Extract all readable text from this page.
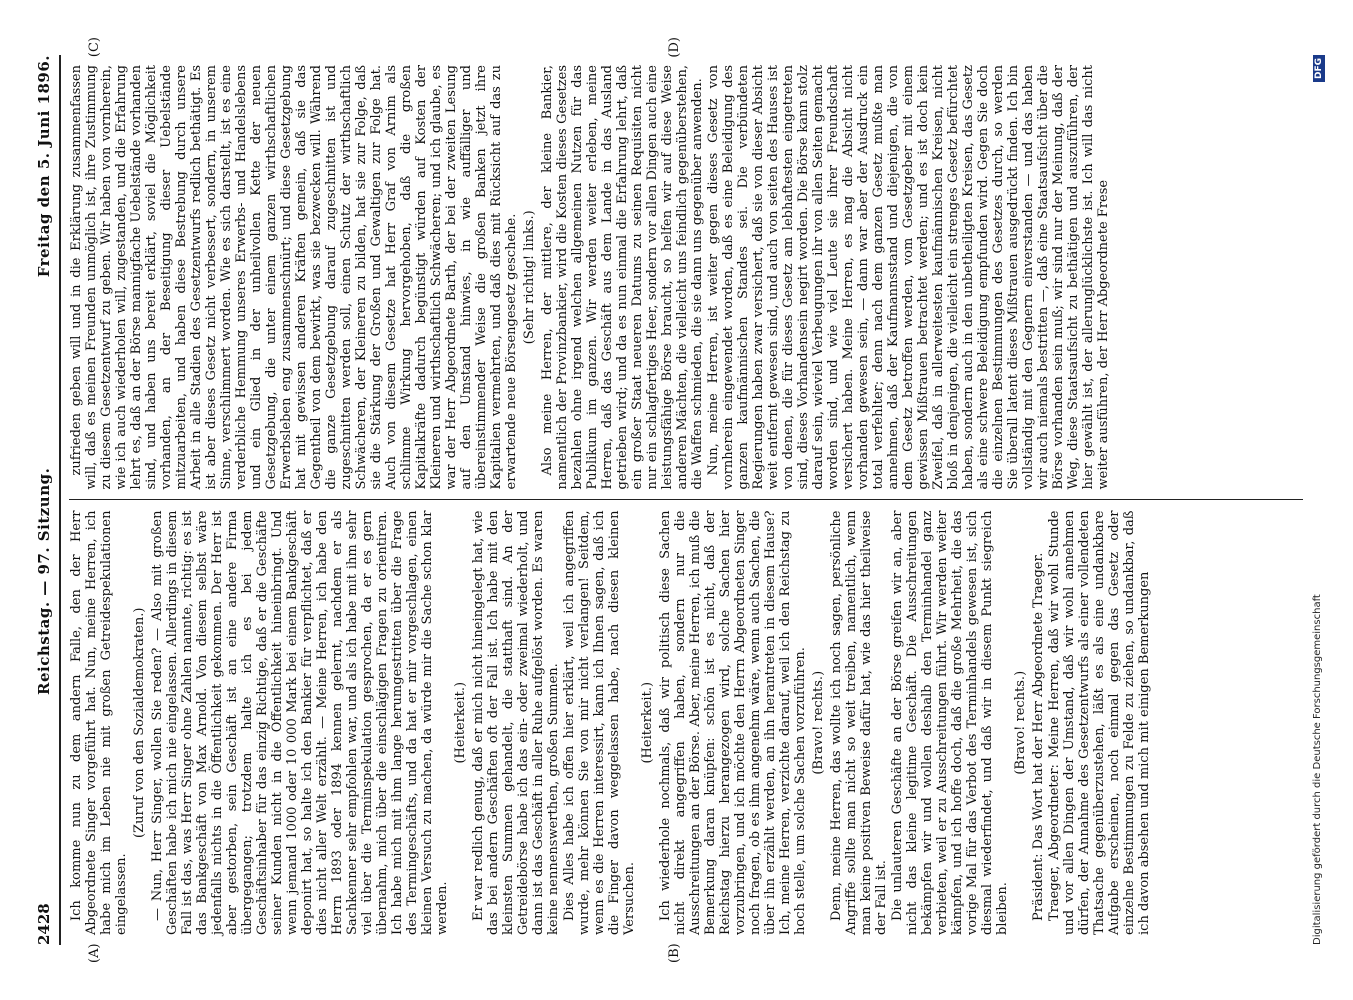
2428
Reichstag. — 97. Sitzung.
Freitag den 5. Juni 1896.
(A)	(B)
(C)	(D)

Ich komme nun zu dem andern Falle, den der Herr Abgeordnete Singer vorgeführt hat. Nun, meine Herren, ich habe mich im Leben nie mit großen Getreidespekulationen eingelassen.

(Zuruf von den Sozialdemokraten.) — Nun, Herr Singer, wollen Sie reden? — Also mit großen Geschäften habe ich mich nie eingelassen. Allerdings in diesem Fall ist das, was Herr Singer ohne Zahlen nannte, richtig: es ist das Bankgeschäft von Max Arnold. Von diesem selbst wäre jedenfalls nichts in die Öffentlichkeit gekommen. Der Herr ist aber gestorben, sein Geschäft ist an eine andere Firma übergegangen; trotzdem halte ich es bei jedem Geschäftsinhaber für das einzig Richtige, daß er die Geschäfte seiner Kunden nicht in die Öffentlichkeit hineinbringt. Und wenn jemand 1000 oder 10 000 Mark bei einem Bankgeschäft deponirt hat, so halte ich den Bankier für verpflichtet, daß er dies nicht aller Welt erzählt. — Meine Herren, ich habe den Herrn 1893 oder 1894 kennen gelernt, nachdem er als Sachkenner sehr empfohlen war, und als ich habe mit ihm sehr viel über die Terminspekulation gesprochen, da er es gern übernahm, mich über die einschlägigen Fragen zu orientiren. Ich habe mich mit ihm lange herumgestritten über die Frage des Termingeschäfts, und da hat er mir vorgeschlagen, einen kleinen Versuch zu machen, da würde mir die Sache schon klar werden.

(Heiterkeit.) Er war redlich genug, daß er mich nicht hineingelegt hat, wie das bei andern Geschäften oft der Fall ist. Ich habe mit den kleinsten Summen gehandelt, die statthaft sind. An der Getreidebörse habe ich das ein- oder zweimal wiederholt, und dann ist das Geschäft in aller Ruhe aufgelöst worden. Es waren keine nennenswerthen, großen Summen. Dies Alles habe ich offen hier erklärt, weil ich angegriffen wurde, mehr können Sie von mir nicht verlangen! Seitdem, wenn es die Herren interessirt, kann ich Ihnen sagen, daß ich die Finger davon weggelassen habe, nach diesen kleinen Versuchen.

(Heiterkeit.) Ich wiederhole nochmals, daß wir politisch diese Sachen nicht direkt angegriffen haben, sondern nur die Ausschreitungen an der Börse. Aber, meine Herren, ich muß die Bemerkung daran knüpfen: schön ist es nicht, daß der Reichstag hierzu herangezogen wird, solche Sachen hier vorzubringen, und ich möchte den Herrn Abgeordneten Singer noch fragen, ob es ihm angenehm wäre, wenn auch Sachen, die über ihn erzählt werden, an ihn herantreten in diesem Hause? Ich, meine Herren, verzichte darauf, weil ich den Reichstag zu hoch stelle, um solche Sachen vorzuführen. (Bravo! rechts.) Denn, meine Herren, das wollte ich noch sagen, persönliche Angriffe sollte man nicht so weit treiben, namentlich, wenn man keine positiven Beweise dafür hat, wie das hier theilweise der Fall ist. Die unlauteren Geschäfte an der Börse greifen wir an, aber nicht das kleine legitime Geschäft. Die Ausschreitungen bekämpfen wir und wollen deshalb den Terminhandel ganz verbieten, weil er zu Ausschreitungen führt. Wir werden weiter kämpfen, und ich hoffe doch, daß die große Mehrheit, die das vorige Mal für das Verbot des Terminhandels gewesen ist, sich diesmal wiederfindet, und daß wir in diesem Punkt siegreich bleiben.

(Bravo! rechts.) Präsident: Das Wort hat der Herr Abgeordnete Traeger. Traeger, Abgeordneter: Meine Herren, daß wir wohl Stunde und vor allen Dingen der Umstand, daß wir wohl annehmen dürfen, der Annahme des Gesetzentwurfs als einer vollendeten Thatsache gegenüberzustehen, läßt es als eine undankbare Aufgabe erscheinen, noch einmal gegen das Gesetz oder einzelne Bestimmungen zu Felde zu ziehen, so undankbar, daß ich davon absehen und mich mit einigen Bemerkungen

zufrieden geben will und in die Erklärung zusammenfassen will, daß es meinen Freunden unmöglich ist, ihre Zustimmung zu diesem Gesetzentwurf zu geben. Wir haben von vornherein, wie ich auch wiederholen will, zugestanden, und die Erfahrung lehrt es, daß an der Börse mannigfache Uebelstände vorhanden sind, und haben uns bereit erklärt, soviel die Möglichkeit vorhanden, an der Beseitigung dieser Uebelstände mitzuarbeiten, und haben diese Bestrebung durch unsere Arbeit in alle Stadien des Gesetzentwurfs redlich bethätigt. Es ist aber dieses Gesetz nicht verbessert, sondern, in unserem Sinne, verschlimmert worden. Wie es sich darstellt, ist es eine verderbliche Hemmung unseres Erwerbs- und Handelslebens und ein Glied in der unheilvollen Kette der neuen Gesetzgebung, die unter einem ganzen wirthschaftlichen Erwerbsleben eng zusammenschnürt; und diese Gesetzgebung hat mit gewissen anderen Kräften gemein, daß sie das Gegentheil von dem bewirkt, was sie bezwecken will. Während die ganze Gesetzgebung darauf zugeschnitten ist und zugeschnitten werden soll, einen Schutz der wirthschaftlich Schwächeren, der Kleineren zu bilden, hat sie zur Folge, daß sie die Stärkung der Großen und Gewaltigen zur Folge hat. Auch von diesem Gesetze hat Herr Graf von Arnim als schlimme Wirkung hervorgehoben, daß die großen Kapitalkräfte dadurch begünstigt würden auf Kosten der Kleineren und wirthschaftlich Schwächeren; und ich glaube, es war der Herr Abgeordnete Barth, der bei der zweiten Lesung auf den Umstand hinwies, in wie auffälliger und übereinstimmender Weise die großen Banken jetzt ihre Kapitalien vermehrten, und daß dies mit Rücksicht auf das zu erwartende neue Börsengesetz geschehe. (Sehr richtig! links.) Also meine Herren, der mittlere, der kleine Bankier, namentlich der Provinzbankier, wird die Kosten dieses Gesetzes bezahlen ohne irgend welchen allgemeinen Nutzen für das Publikum im ganzen. Wir werden weiter erleben, meine Herren, daß das Geschäft aus dem Lande in das Ausland getrieben wird; und da es nun einmal die Erfahrung lehrt, daß ein großer Staat neueren Datums zu seinen Requisiten nicht nur ein schlagfertiges Heer, sondern vor allen Dingen auch eine leistungsfähige Börse braucht, so helfen wir auf diese Weise anderen Mächten, die vielleicht uns feindlich gegenüberstehen, die Waffen schmieden, die sie dann uns gegenüber anwenden. Nun, meine Herren, ist weiter gegen dieses Gesetz von vornherein eingewendet worden, daß es eine Beleidigung des ganzen kaufmännischen Standes sei. Die verbündeten Regierungen haben zwar versichert, daß sie von dieser Absicht weit entfernt gewesen sind, und auch von seiten des Hauses ist von denen, die für dieses Gesetz am lebhaftesten eingetreten sind, dieses Vorhandensein negirt worden. Die Börse kann stolz darauf sein, wieviel Verbeugungen ihr von allen Seiten gemacht worden sind, und wie viel Leute sie ihrer Freundschaft versichert haben. Meine Herren, es mag die Absicht nicht vorhanden gewesen sein, — dann war aber der Ausdruck ein total verfehlter; denn nach dem ganzen Gesetz mußte man annehmen, daß der Kaufmannsstand und diejenigen, die von dem Gesetz betroffen werden, vom Gesetzgeber mit einem gewissen Mißtrauen betrachtet werden; und es ist doch kein Zweifel, daß in allerweitesten kaufmännischen Kreisen, nicht bloß in denjenigen, die vielleicht ein strenges Gesetz befürchtet haben, sondern auch in den unbetheiligten Kreisen, das Gesetz als eine schwere Beleidigung empfunden wird. Gegen Sie doch die einzelnen Bestimmungen des Gesetzes durch, so werden Sie überall latent dieses Mißtrauen ausgedrückt finden. Ich bin vollständig mit den Gegnern einverstanden — und das haben wir auch niemals bestritten —, daß eine Staatsaufsicht über die Börse vorhanden sein muß; wir sind nur der Meinung, daß der Weg, diese Staatsaufsicht zu bethätigen und auszuführen, der hier gewählt ist, der allerunglücklichste ist. Ich will das nicht weiter ausführen, der Herr Abgeordnete Frese

Digitalisierung gefördert durch die Deutsche Forschungsgemeinschaft
DFG
